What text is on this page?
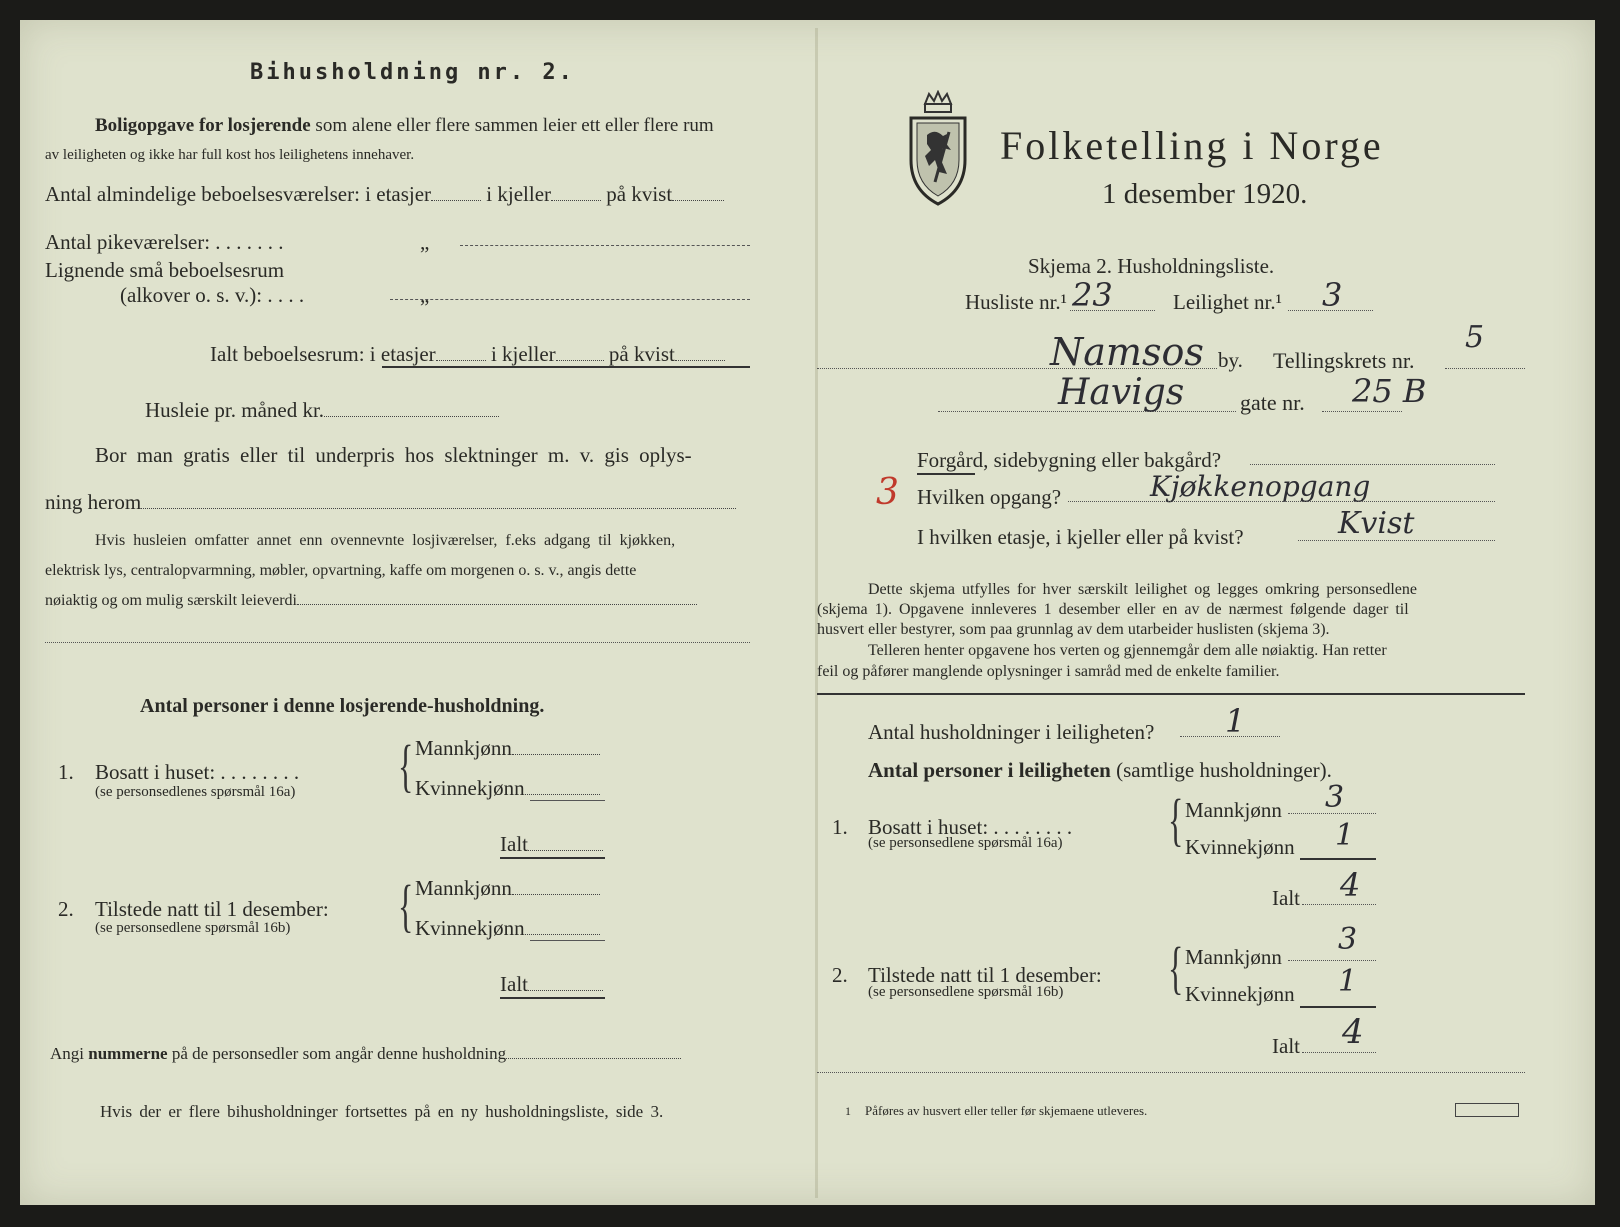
Bihusholdning nr. 2.
Boligopgave for losjerende som alene eller flere sammen leier ett eller flere rum
av leiligheten og ikke har full kost hos leilighetens innehaver.
Antal almindelige beboelsesværelser: i etasjer	i kjeller	på kvist
Antal pikeværelser: . . . . . . .	„
Lignende små beboelsesrum
(alkover o. s. v.): . . . .	„
Ialt beboelsesrum: i etasjer	i kjeller	på kvist
Husleie pr. måned kr.
Bor man gratis eller til underpris hos slektninger m. v. gis oplys-
ning herom
Hvis husleien omfatter annet enn ovennevnte losjiværelser, f.eks adgang til kjøkken,
elektrisk lys, centralopvarmning, møbler, opvartning, kaffe om morgenen o. s. v., angis dette
nøiaktig og om mulig særskilt leieverdi
Antal personer i denne losjerende-husholdning.
1. Bosatt i huset: . . . . . . . .
(se personsedlenes spørsmål 16a) { Mannkjønn
Kvinnekjønn
Ialt
2. Tilstede natt til 1 desember:
(se personsedlene spørsmål 16b) { Mannkjønn
Kvinnekjønn
Ialt
Angi nummerne på de personsedler som angår denne husholdning
Hvis der er flere bihusholdninger fortsettes på en ny husholdningsliste, side 3.
Folketelling i Norge
1 desember 1920.
Skjema 2. Husholdningsliste.
Husliste nr.¹ 23	Leilighet nr.¹ 3
Namsos by. Tellingskrets nr.
5
Havigs	gate nr. 25 B
Forgård, sidebygning eller bakgård?
3 Hvilken opgang?	Kjøkkenopgang
I hvilken etasje, i kjeller eller på kvist?	Kvist
Dette skjema utfylles for hver særskilt leilighet og legges omkring personsedlene
(skjema 1). Opgavene innleveres 1 desember eller en av de nærmest følgende dager til
husvert eller bestyrer, som paa grunnlag av dem utarbeider huslisten (skjema 3).
Telleren henter opgavene hos verten og gjennemgår dem alle nøiaktig. Han retter
feil og påfører manglende oplysninger i samråd med de enkelte familier.
Antal husholdninger i leiligheten? 1
Antal personer i leiligheten (samtlige husholdninger).
1. Bosatt i huset: . . . . . . . .
(se personsedlene spørsmål 16a) { Mannkjønn 3
Kvinnekjønn 1
Ialt 4
2. Tilstede natt til 1 desember:
(se personsedlene spørsmål 16b) { Mannkjønn 3
Kvinnekjønn 1
Ialt 4
1 Påføres av husvert eller teller før skjemaene utleveres.
